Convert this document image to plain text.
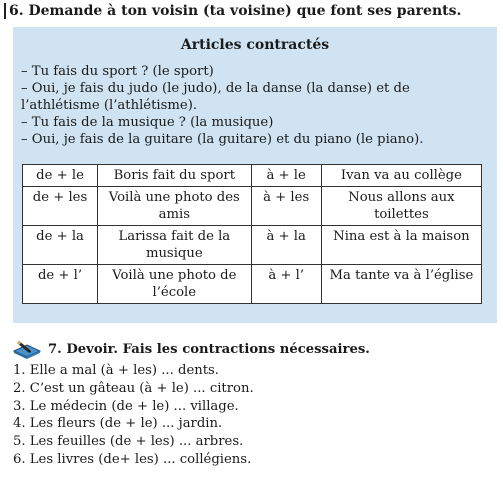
6. Demande à ton voisin (ta voisine) que font ses parents.
Articles contractés
– Tu fais du sport ? (le sport)
– Oui, je fais du judo (le judo), de la danse (la danse) et de
l’athlétisme (l’athlétisme).
– Tu fais de la musique ? (la musique)
– Oui, je fais de la guitare (la guitare) et du piano (le piano).
de + le	Boris fait du sport	à + le	Ivan va au collège
de + les	Voilà une photo des amis	à + les	Nous allons aux toilettes
de + la	Larissa fait de la musique	à + la	Nina est à la maison
de + l’	Voilà une photo de l’école	à + l’	Ma tante va à l’église
7. Devoir. Fais les contractions nécessaires.
1. Elle a mal (à + les) ... dents.
2. C’est un gâteau (à + le) ... citron.
3. Le médecin (de + le) ... village.
4. Les fleurs (de + le) ... jardin.
5. Les feuilles (de + les) ... arbres.
6. Les livres (de+ les) ... collégiens.
